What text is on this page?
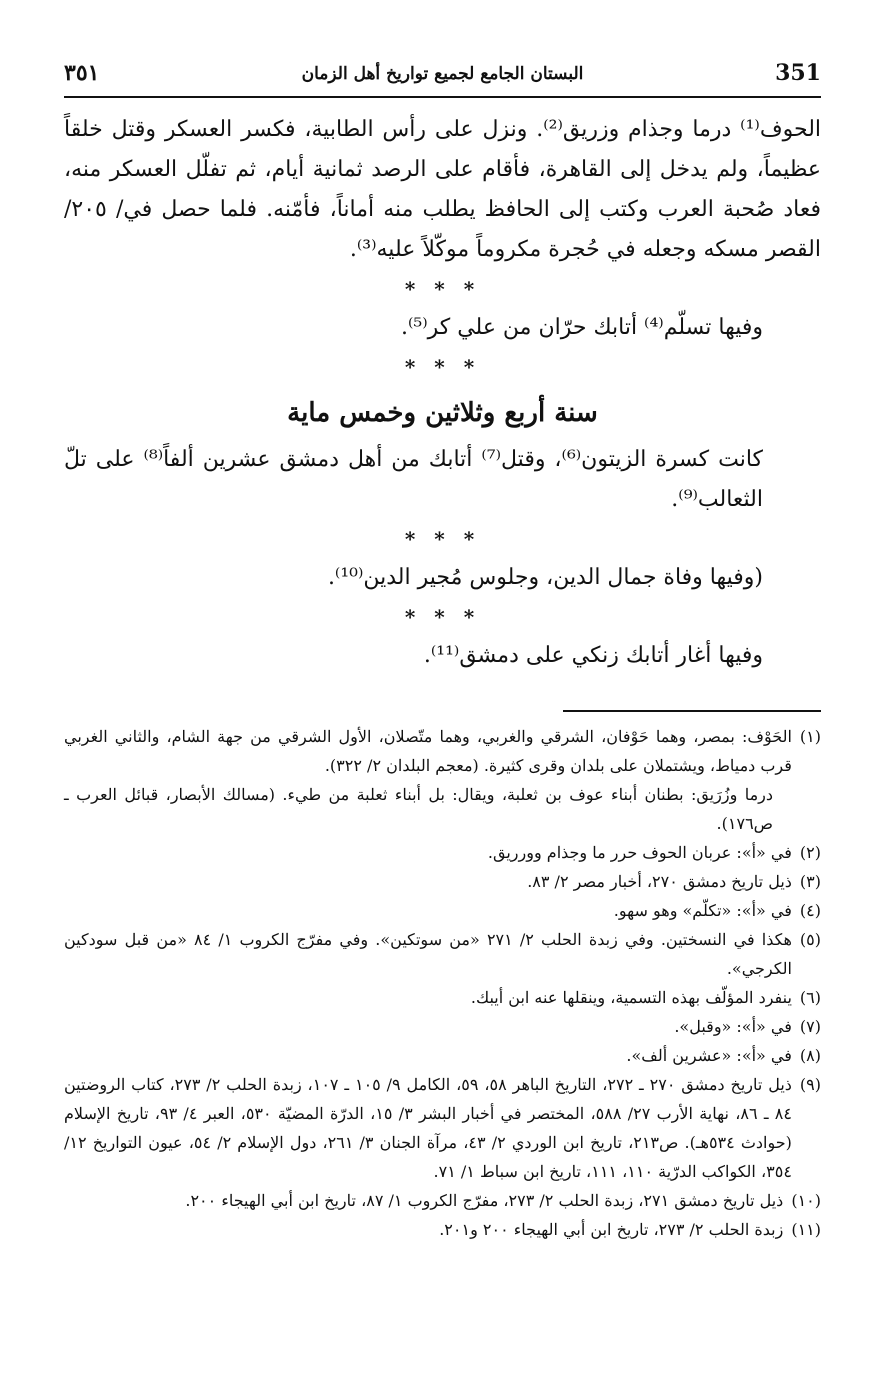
351
البستان الجامع لجميع تواريخ أهل الزمان
٣٥١

الحوف⁽¹⁾ درما وجذام وزريق⁽²⁾. ونزل على رأس الطابية، فكسر العسكر وقتل خلقاً عظيماً، ولم يدخل إلى القاهرة، فأقام على الرصد ثمانية أيام، ثم تفلّل العسكر منه، فعاد صُحبة العرب وكتب إلى الحافظ يطلب منه أماناً، فأمّنه. فلما حصل في/ ٢٠٥/ القصر مسكه وجعله في حُجرة مكروماً موكّلاً عليه⁽³⁾.

* * *

وفيها تسلّم⁽⁴⁾ أتابك حرّان من علي كر⁽⁵⁾.

* * *

سنة أربع وثلاثين وخمس ماية

كانت كسرة الزيتون⁽⁶⁾، وقتل⁽⁷⁾ أتابك من أهل دمشق عشرين ألفاً⁽⁸⁾ على تلّ الثعالب⁽⁹⁾.

* * *

(وفيها وفاة جمال الدين، وجلوس مُجير الدين⁽¹⁰⁾.

* * *

وفيها أغار أتابك زنكي على دمشق⁽¹¹⁾.

(١)
الحَوْف: بمصر، وهما حَوْفان، الشرقي والغربي، وهما متّصلان، الأول الشرقي من جهة الشام، والثاني الغربي قرب دمياط، ويشتملان على بلدان وقرى كثيرة. (معجم البلدان ٢/ ٣٢٢).
درما وزُرَيق: بطنان أبناء عوف بن ثعلبة، ويقال: بل أبناء ثعلبة من طيء. (مسالك الأبصار، قبائل العرب ـ ص١٧٦).
(٢)
في «أ»: عربان الحوف حرر ما وجذام وورريق.
(٣)
ذيل تاريخ دمشق ٢٧٠، أخبار مصر ٢/ ٨٣.
(٤)
في «أ»: «تكلّم» وهو سهو.
(٥)
هكذا في النسختين. وفي زبدة الحلب ٢/ ٢٧١ «من سوتكين». وفي مفرّج الكروب ١/ ٨٤ «من قبل سودكين الكرجي».
(٦)
ينفرد المؤلّف بهذه التسمية، وينقلها عنه ابن أيبك.
(٧)
في «أ»: «وقبل».
(٨)
في «أ»: «عشرين ألف».
(٩)
ذيل تاريخ دمشق ٢٧٠ ـ ٢٧٢، التاريخ الباهر ٥٨، ٥٩، الكامل ٩/ ١٠٥ ـ ١٠٧، زبدة الحلب ٢/ ٢٧٣، كتاب الروضتين ٨٤ ـ ٨٦، نهاية الأرب ٢٧/ ٥٨٨، المختصر في أخبار البشر ٣/ ١٥، الدرّة المضيّة ٥٣٠، العبر ٤/ ٩٣، تاريخ الإسلام (حوادث ٥٣٤هـ). ص٢١٣، تاريخ ابن الوردي ٢/ ٤٣، مرآة الجنان ٣/ ٢٦١، دول الإسلام ٢/ ٥٤، عيون التواريخ ١٢/ ٣٥٤، الكواكب الدرّية ١١٠، ١١١، تاريخ ابن سباط ١/ ٧١.
(١٠)
ذيل تاريخ دمشق ٢٧١، زبدة الحلب ٢/ ٢٧٣، مفرّج الكروب ١/ ٨٧، تاريخ ابن أبي الهيجاء ٢٠٠.
(١١)
زبدة الحلب ٢/ ٢٧٣، تاريخ ابن أبي الهيجاء ٢٠٠ و٢٠١.
